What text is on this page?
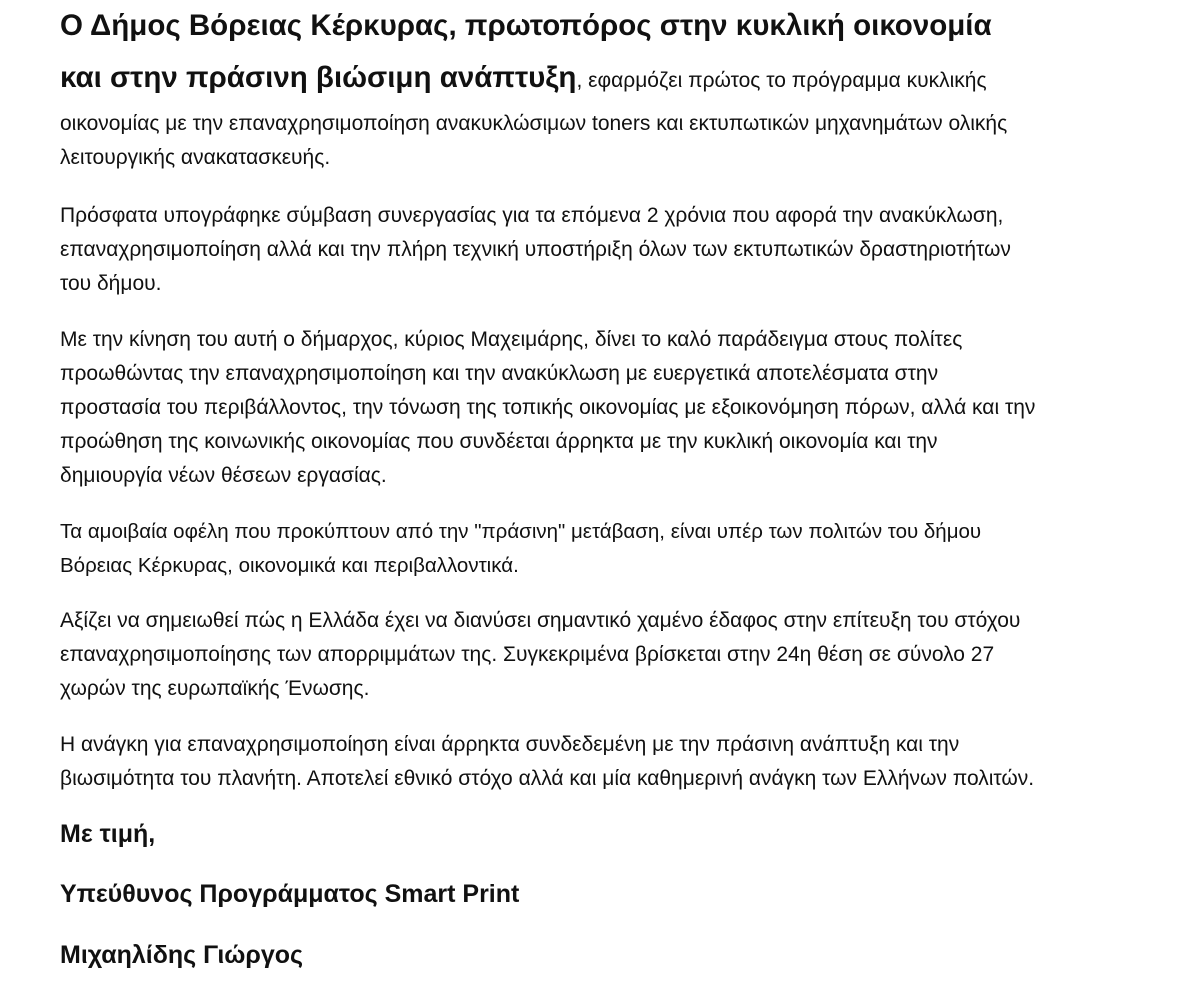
Ο Δήμος Βόρειας Κέρκυρας, πρωτοπόρος στην κυκλική οικονομία
και στην πράσινη βιώσιμη ανάπτυξη, εφαρμόζει πρώτος το πρόγραμμα κυκλικής
οικονομίας με την επαναχρησιμοποίηση ανακυκλώσιμων toners και εκτυπωτικών μηχανημάτων ολικής
λειτουργικής ανακατασκευής.

Πρόσφατα υπογράφηκε σύμβαση συνεργασίας για τα επόμενα 2 χρόνια που αφορά την ανακύκλωση,
επαναχρησιμοποίηση αλλά και την πλήρη τεχνική υποστήριξη όλων των εκτυπωτικών δραστηριοτήτων
του δήμου.

Με την κίνηση του αυτή ο δήμαρχος, κύριος Μαχειμάρης, δίνει το καλό παράδειγμα στους πολίτες
προωθώντας την επαναχρησιμοποίηση και την ανακύκλωση με ευεργετικά αποτελέσματα στην
προστασία του περιβάλλοντος, την τόνωση της τοπικής οικονομίας με εξοικονόμηση πόρων, αλλά και την
προώθηση της κοινωνικής οικονομίας που συνδέεται άρρηκτα με την κυκλική οικονομία και την
δημιουργία νέων θέσεων εργασίας.

Τα αμοιβαία οφέλη που προκύπτουν από την "πράσινη" μετάβαση, είναι υπέρ των πολιτών του δήμου
Βόρειας Κέρκυρας, οικονομικά και περιβαλλοντικά.

Αξίζει να σημειωθεί πώς η Ελλάδα έχει να διανύσει σημαντικό χαμένο έδαφος στην επίτευξη του στόχου
επαναχρησιμοποίησης των απορριμμάτων της. Συγκεκριμένα βρίσκεται στην 24η θέση σε σύνολο 27
χωρών της ευρωπαϊκής Ένωσης.

Η ανάγκη για επαναχρησιμοποίηση είναι άρρηκτα συνδεδεμένη με την πράσινη ανάπτυξη και την
βιωσιμότητα του πλανήτη. Αποτελεί εθνικό στόχο αλλά και μία καθημερινή ανάγκη των Ελλήνων πολιτών.

Με τιμή,

Υπεύθυνος Προγράμματος Smart Print

Μιχαηλίδης Γιώργος
